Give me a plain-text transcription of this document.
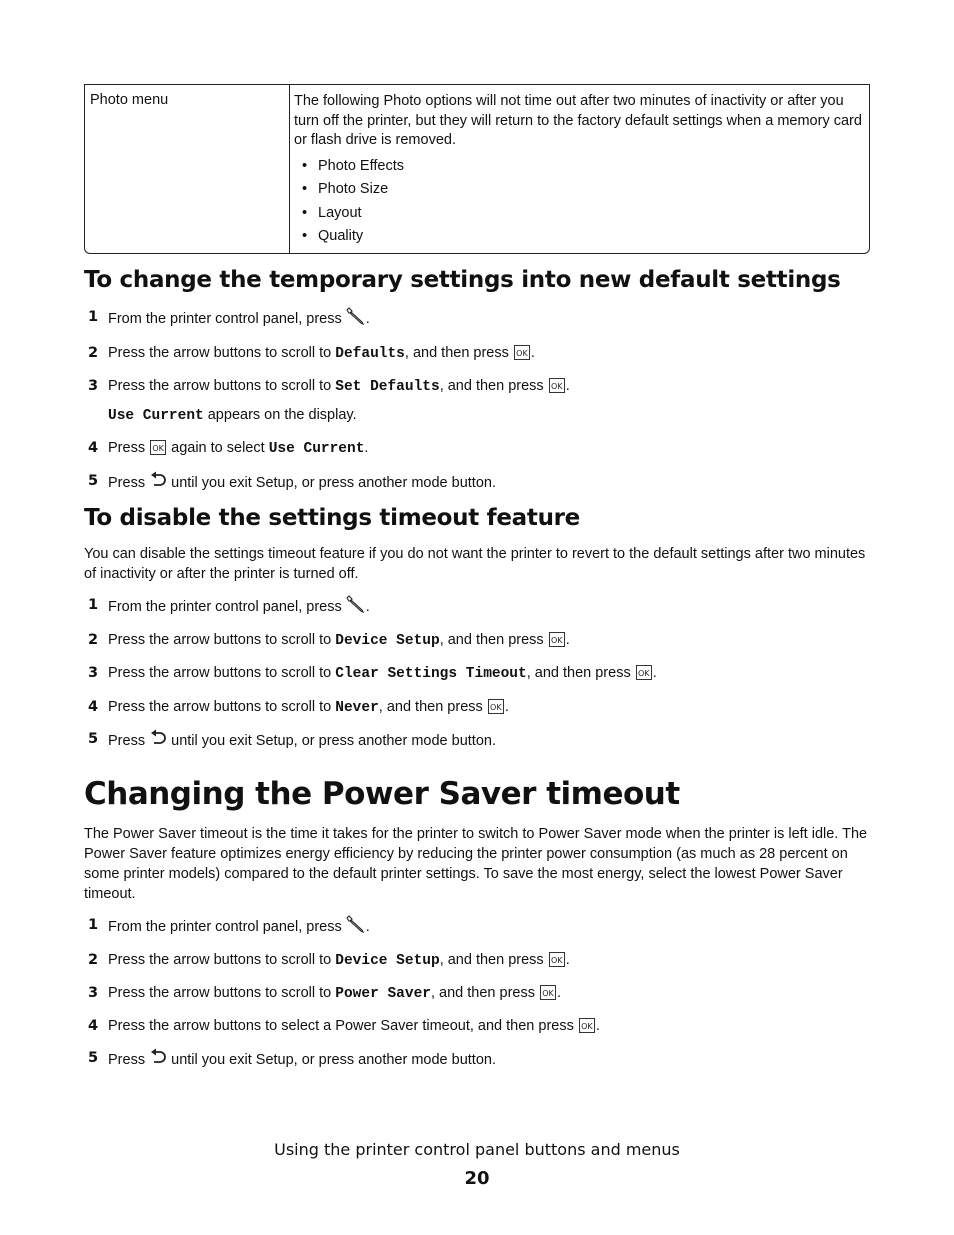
Photo menu	The following Photo options will not time out after two minutes of inactivity or after you turn off the printer, but they will return to the factory default settings when a memory card or flash drive is removed.
• Photo Effects
• Photo Size
• Layout
• Quality
To change the temporary settings into new default settings
1 From the printer control panel, press .
2 Press the arrow buttons to scroll to Defaults, and then press OK .
3 Press the arrow buttons to scroll to Set Defaults, and then press OK .
Use Current appears on the display.
4 Press OK again to select Use Current.
5 Press until you exit Setup, or press another mode button.
To disable the settings timeout feature

You can disable the settings timeout feature if you do not want the printer to revert to the default settings after two minutes of inactivity or after the printer is turned off.

1 From the printer control panel, press .
2 Press the arrow buttons to scroll to Device Setup, and then press OK .
3 Press the arrow buttons to scroll to Clear Settings Timeout, and then press OK .
4 Press the arrow buttons to scroll to Never, and then press OK .
5 Press until you exit Setup, or press another mode button.
Changing the Power Saver timeout

The Power Saver timeout is the time it takes for the printer to switch to Power Saver mode when the printer is left idle. The Power Saver feature optimizes energy efficiency by reducing the printer power consumption (as much as 28 percent on some printer models) compared to the default printer settings. To save the most energy, select the lowest Power Saver timeout.

1 From the printer control panel, press .
2 Press the arrow buttons to scroll to Device Setup, and then press OK .
3 Press the arrow buttons to scroll to Power Saver, and then press OK .
4 Press the arrow buttons to select a Power Saver timeout, and then press OK .
5 Press until you exit Setup, or press another mode button.
Using the printer control panel buttons and menus
20
